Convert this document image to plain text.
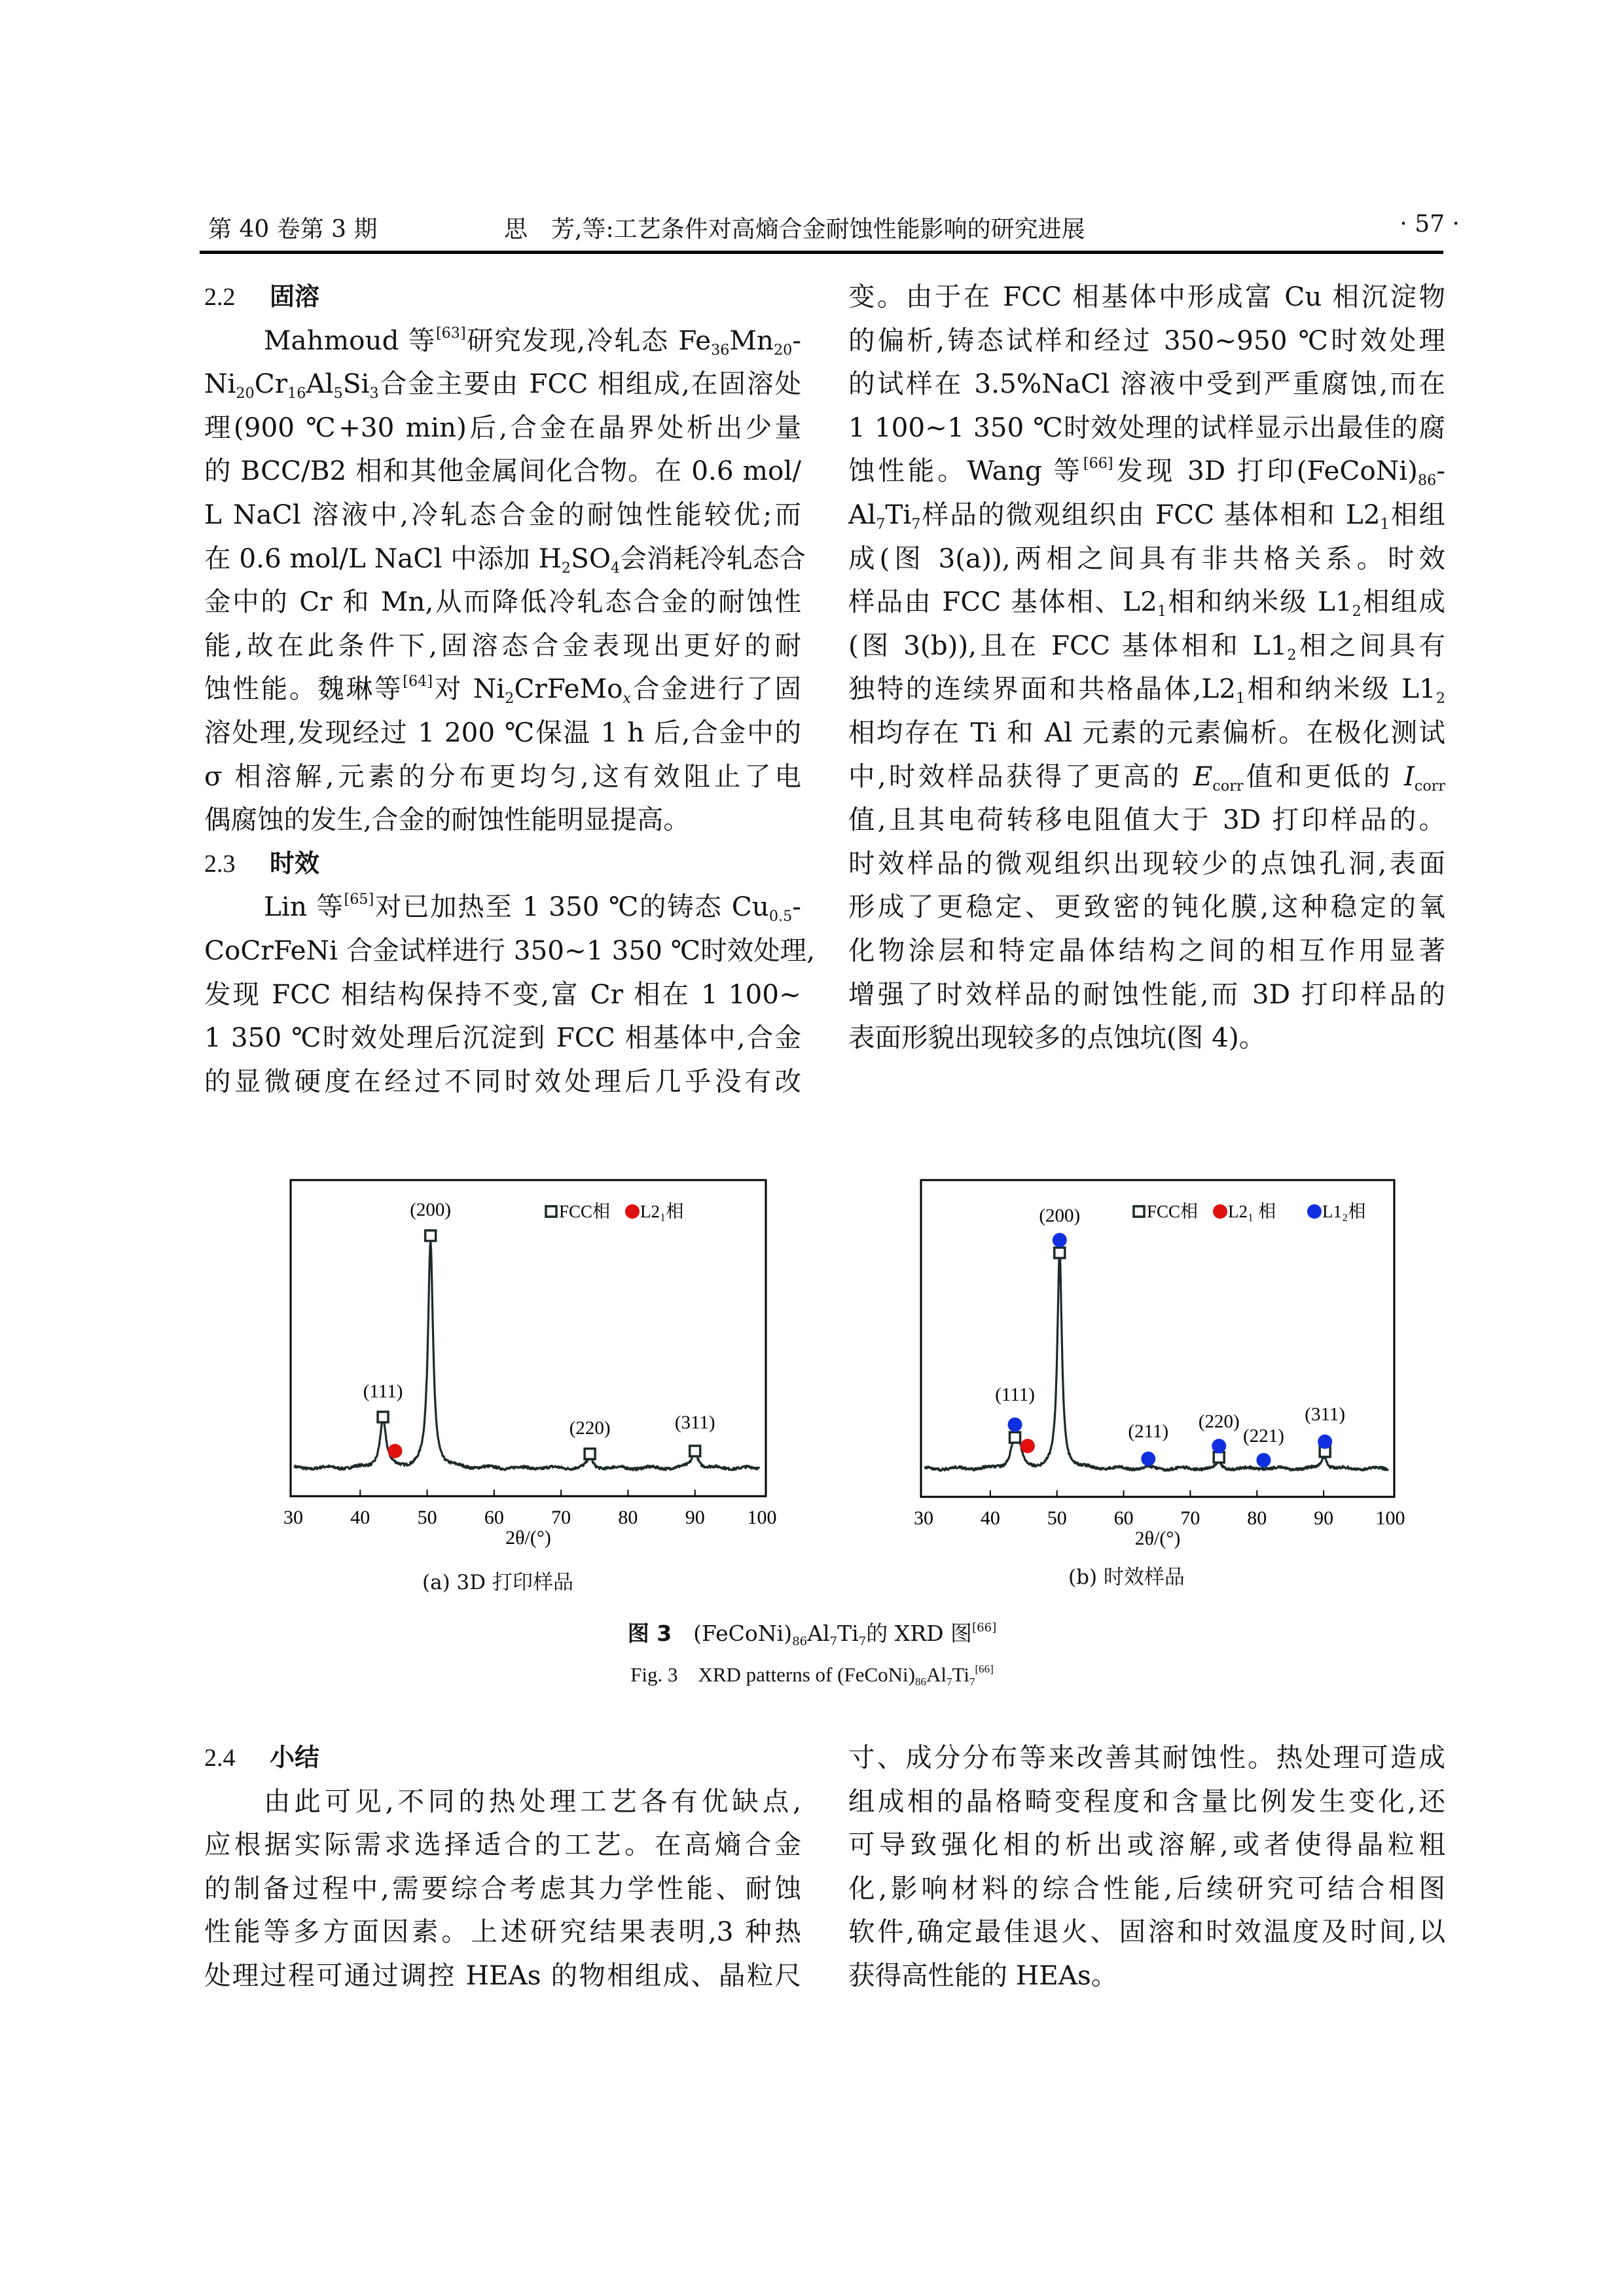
第 40 卷第 3 期	思　芳,等:工艺条件对高熵合金耐蚀性能影响的研究进展	· 57 ·
2.2 固溶
Mahmoud 等[63]研究发现,冷轧态 $Fe_{36}Mn_{20}-$
$Ni_{20}Cr_{16}Al_5Si_3$合金主要由 FCC 相组成,在固溶处
理(900 ℃+30 min)后,合金在晶界处析出少量
的 BCC/B2 相和其他金属间化合物。在 0.6 mol/
L NaCl 溶液中,冷轧态合金的耐蚀性能较优;而
在 0.6 mol/L NaCl 中添加 $H_2SO_4$会消耗冷轧态合
金中的 Cr 和 Mn,从而降低冷轧态合金的耐蚀性
能,故在此条件下,固溶态合金表现出更好的耐
蚀性能。魏琳等[64]对 $Ni_2CrFeMo_x$合金进行了固
溶处理,发现经过 1 200 ℃保温 1 h 后,合金中的
σ 相溶解,元素的分布更均匀,这有效阻止了电
偶腐蚀的发生,合金的耐蚀性能明显提高。
2.3 时效
Lin 等[65]对已加热至 1 350 ℃的铸态 $Cu_{0.5}-$
CoCrFeNi 合金试样进行 350~1 350 ℃时效处理,
发现 FCC 相结构保持不变,富 Cr 相在 1 100~
1 350 ℃时效处理后沉淀到 FCC 相基体中,合金
的显微硬度在经过不同时效处理后几乎没有改
变。由于在 FCC 相基体中形成富 Cu 相沉淀物
的偏析,铸态试样和经过 350~950 ℃时效处理
的试样在 3.5%NaCl 溶液中受到严重腐蚀,而在
1 100~1 350 ℃时效处理的试样显示出最佳的腐
蚀性能。Wang 等[66]发现 3D 打印$(FeCoNi)_{86}-$
$Al_7Ti_7$样品的微观组织由 FCC 基体相和 $L2_1$相组
成(图 3(a)),两相之间具有非共格关系。时效
样品由 FCC 基体相、$L2_1$相和纳米级 $L1_2$相组成
(图 3(b)),且在 FCC 基体相和 $L1_2$相之间具有
独特的连续界面和共格晶体$,L2_1$相和纳米级 $L1_2$
相均存在 Ti 和 Al 元素的元素偏析。在极化测试
中,时效样品获得了更高的 $E_{corr}$值和更低的 $I_{corr}$
值,且其电荷转移电阻值大于 3D 打印样品的。
时效样品的微观组织出现较少的点蚀孔洞,表面
形成了更稳定、更致密的钝化膜,这种稳定的氧
化物涂层和特定晶体结构之间的相互作用显著
增强了时效样品的耐蚀性能,而 3D 打印样品的
表面形貌出现较多的点蚀坑(图 4)。
30 40 50 60 70 80 90 100
2θ/(°)
(111)
(200)
(220)	(311)
FCC相 L2₁相
30 40 50 60 70 80 90 100
2θ/(°)
(111)
(200)
(211) (220)
(221)
(311)
FCC相 L2₁ 相	L1₂相
(a) 3D 打印样品	(b) 时效样品
图 3  $(FeCoNi)_{86}Al_7Ti_7$的 XRD 图[66]
Fig. 3　XRD patterns of $(FeCoNi)_{86}Al_7Ti_7[66]$
2.4 小结
由此可见,不同的热处理工艺各有优缺点,
应根据实际需求选择适合的工艺。在高熵合金
的制备过程中,需要综合考虑其力学性能、耐蚀
性能等多方面因素。上述研究结果表明,3 种热
处理过程可通过调控 HEAs 的物相组成、晶粒尺
寸、成分分布等来改善其耐蚀性。热处理可造成
组成相的晶格畸变程度和含量比例发生变化,还
可导致强化相的析出或溶解,或者使得晶粒粗
化,影响材料的综合性能,后续研究可结合相图
软件,确定最佳退火、固溶和时效温度及时间,以
获得高性能的 HEAs。
